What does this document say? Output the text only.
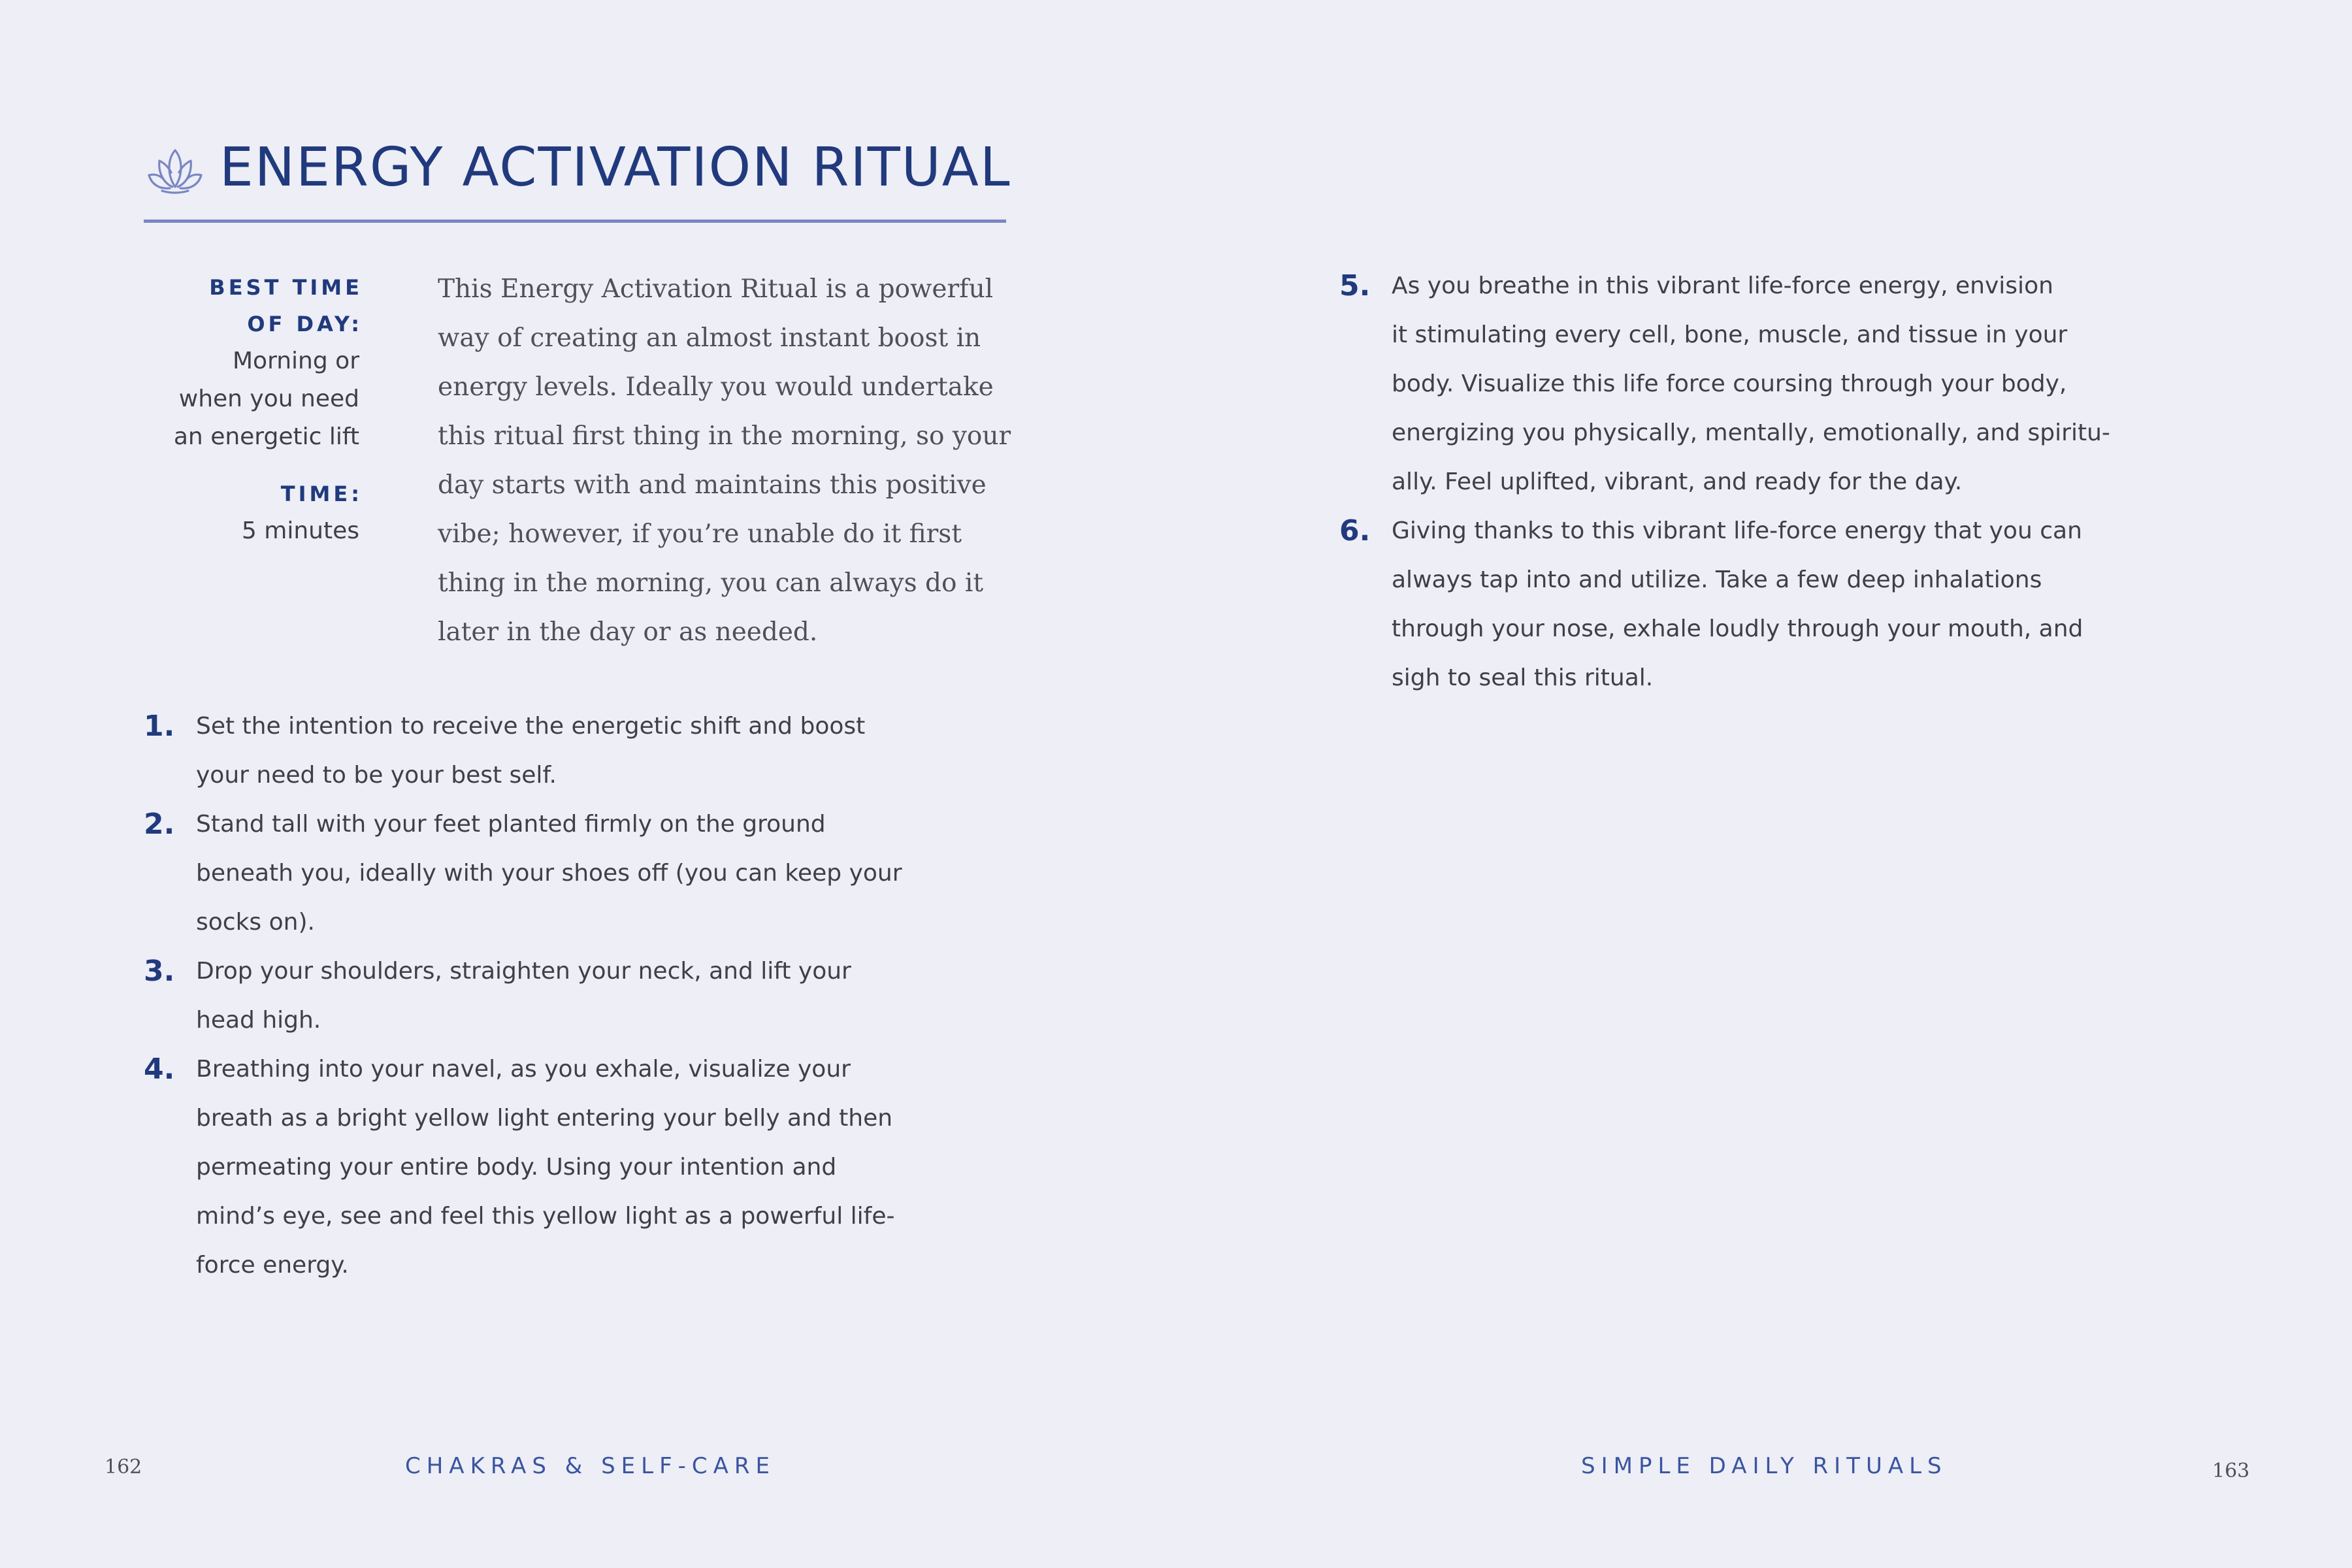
ENERGY ACTIVATION RITUAL
BEST TIME
OF DAY:
Morning or
when you need
an energetic lift
TIME:
5 minutes
This Energy Activation Ritual is a powerful
way of creating an almost instant boost in
energy levels. Ideally you would undertake
this ritual first thing in the morning, so your
day starts with and maintains this positive
vibe; however, if you’re unable do it first
thing in the morning, you can always do it
later in the day or as needed.
1. Set the intention to receive the energetic shift and boost
your need to be your best self.
2. Stand tall with your feet planted firmly on the ground
beneath you, ideally with your shoes off (you can keep your
socks on).
3. Drop your shoulders, straighten your neck, and lift your
head high.
4. Breathing into your navel, as you exhale, visualize your
breath as a bright yellow light entering your belly and then
permeating your entire body. Using your intention and
mind’s eye, see and feel this yellow light as a powerful life-
force energy.
162	CHAKRAS & SELF-CARE
5. As you breathe in this vibrant life-force energy, envision
it stimulating every cell, bone, muscle, and tissue in your
body. Visualize this life force coursing through your body,
energizing you physically, mentally, emotionally, and spiritu-
ally. Feel uplifted, vibrant, and ready for the day.
6. Giving thanks to this vibrant life-force energy that you can
always tap into and utilize. Take a few deep inhalations
through your nose, exhale loudly through your mouth, and
sigh to seal this ritual.
SIMPLE DAILY RITUALS	163
